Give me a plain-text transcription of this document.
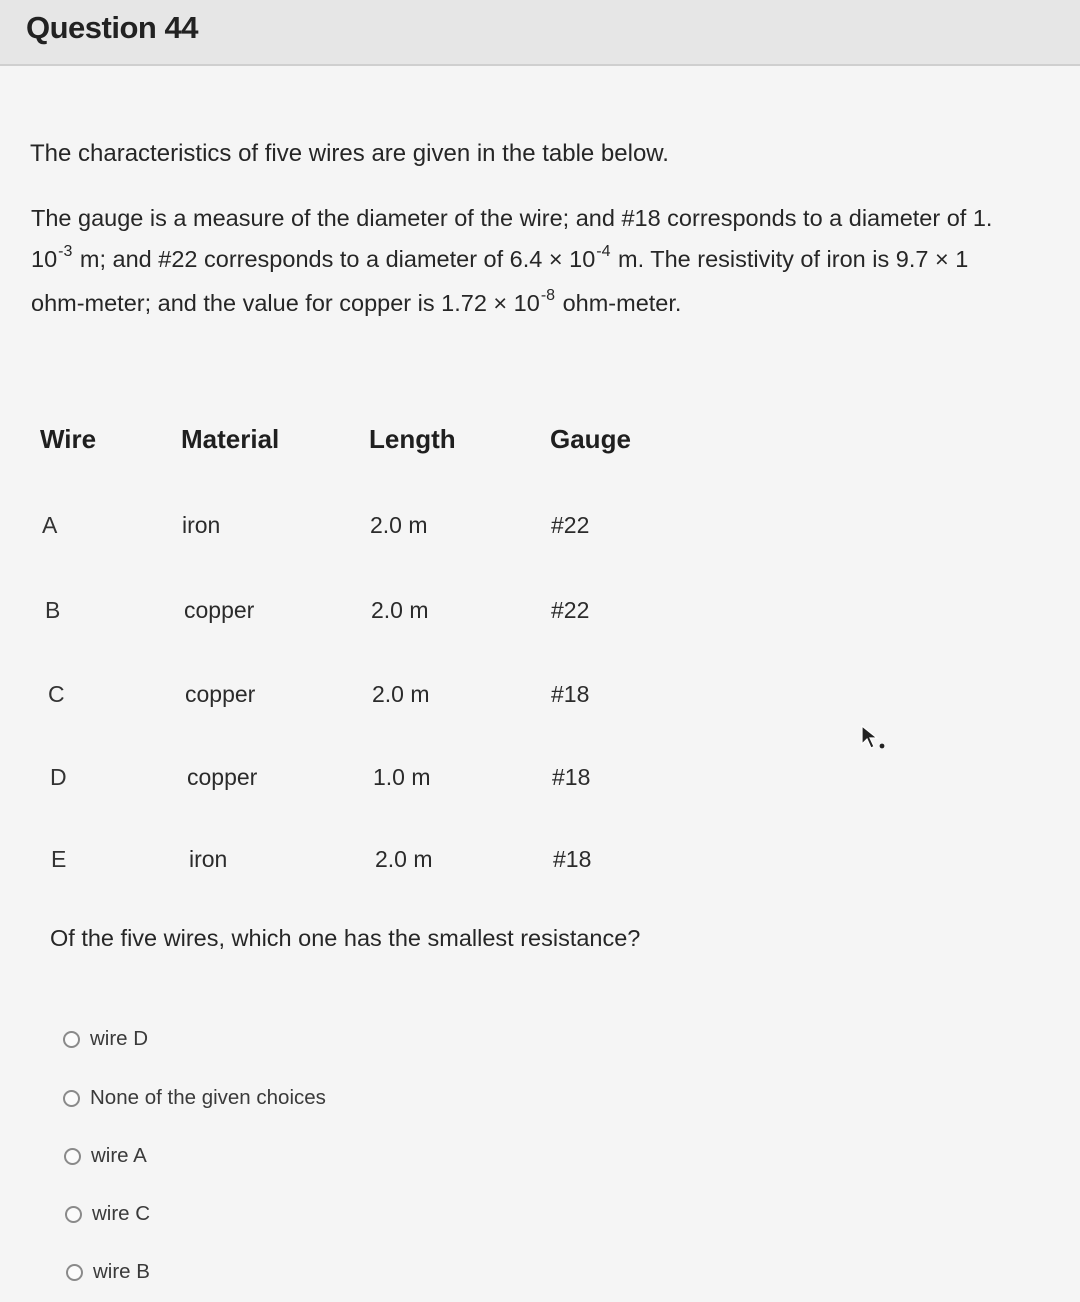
Question 44
The characteristics of five wires are given in the table below.
The gauge is a measure of the diameter of the wire; and #18 corresponds to a diameter of 1.
$10^{-3}$ m; and #22 corresponds to a diameter of $6.4 \times 10^{-4}$ m. The resistivity of iron is 9.7 × 1
ohm-meter; and the value for copper is $1.72 \times 10^{-8}$ ohm-meter.
Wire	Material	Length	Gauge
A	iron	2.0 m	#22
B	copper	2.0 m	#22
C	copper	2.0 m	#18
D	copper	1.0 m	#18
E	iron	2.0 m	#18
Of the five wires, which one has the smallest resistance?
wire D
None of the given choices
wire A
wire C
wire B
